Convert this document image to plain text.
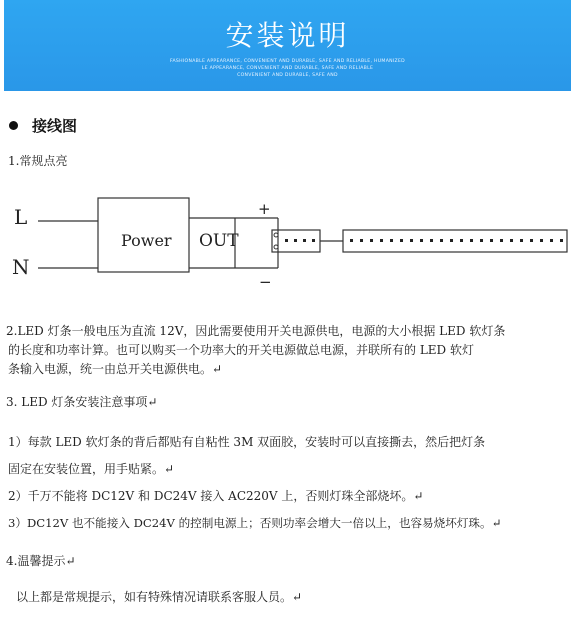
安装说明
FASHIONABLE APPEARANCE, CONVENIENT AND DURABLE, SAFE AND RELIABLE, HUMANIZED
LE APPEARANCE, CONVENIENT AND DURABLE, SAFE AND RELIABLE
CONVENIENT AND DURABLE, SAFE AND
接线图
1.常规点亮
L
N
Power OUT
+
−
2.LED 灯条一般电压为直流 12V，因此需要使用开关电源供电，电源的大小根据 LED 软灯条
的长度和功率计算。也可以购买一个功率大的开关电源做总电源，并联所有的 LED 软灯
条输入电源，统一由总开关电源供电。↵
3. LED 灯条安装注意事项↵
1）每款 LED 软灯条的背后都贴有自粘性 3M 双面胶，安装时可以直接撕去，然后把灯条
固定在安装位置，用手贴紧。↵
2）千万不能将 DC12V 和 DC24V 接入 AC220V 上，否则灯珠全部烧坏。↵
3）DC12V 也不能接入 DC24V 的控制电源上；否则功率会增大一倍以上，也容易烧坏灯珠。↵
4.温馨提示↵
以上都是常规提示，如有特殊情况请联系客服人员。↵
